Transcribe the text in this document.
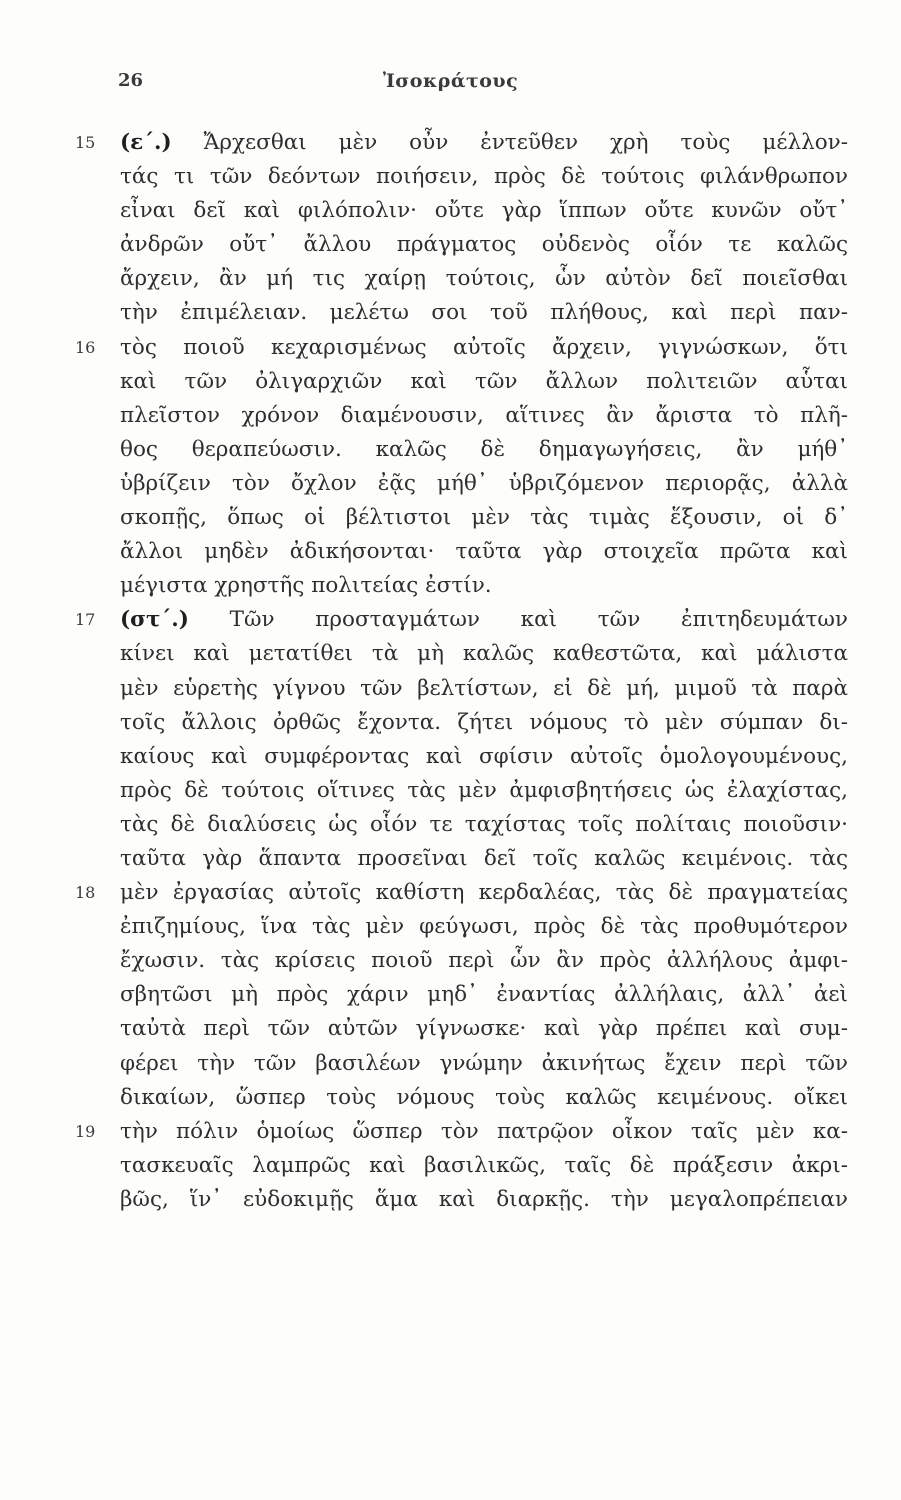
26	Ἰσοκράτους
15	(ε΄.) Ἄρχεσθαι μὲν οὖν ἐντεῦθεν χρὴ τοὺς μέλλον-
τάς τι τῶν δεόντων ποιήσειν, πρὸς δὲ τούτοις φιλάνθρωπον
εἶναι δεῖ καὶ φιλόπολιν· οὔτε γὰρ ἵππων οὔτε κυνῶν οὔτ᾽
ἀνδρῶν οὔτ᾽ ἄλλου πράγματος οὐδενὸς οἷόν τε καλῶς
ἄρχειν, ἂν μή τις χαίρῃ τούτοις, ὧν αὐτὸν δεῖ ποιεῖσθαι
τὴν ἐπιμέλειαν. μελέτω σοι τοῦ πλήθους, καὶ περὶ παν-
16	τὸς ποιοῦ κεχαρισμένως αὐτοῖς ἄρχειν, γιγνώσκων, ὅτι
καὶ τῶν ὀλιγαρχιῶν καὶ τῶν ἄλλων πολιτειῶν αὗται
πλεῖστον χρόνον διαμένουσιν, αἵτινες ἂν ἄριστα τὸ πλῆ-
θος θεραπεύωσιν. καλῶς δὲ δημαγωγήσεις, ἂν μήθ᾽
ὑβρίζειν τὸν ὄχλον ἐᾷς μήθ᾽ ὑβριζόμενον περιορᾷς, ἀλλὰ
σκοπῇς, ὅπως οἱ βέλτιστοι μὲν τὰς τιμὰς ἕξουσιν, οἱ δ᾽
ἄλλοι μηδὲν ἀδικήσονται· ταῦτα γὰρ στοιχεῖα πρῶτα καὶ
μέγιστα χρηστῆς πολιτείας ἐστίν.
17	(στ΄.) Τῶν προσταγμάτων καὶ τῶν ἐπιτηδευμάτων
κίνει καὶ μετατίθει τὰ μὴ καλῶς καθεστῶτα, καὶ μάλιστα
μὲν εὑρετὴς γίγνου τῶν βελτίστων, εἰ δὲ μή, μιμοῦ τὰ παρὰ
τοῖς ἄλλοις ὀρθῶς ἔχοντα. ζήτει νόμους τὸ μὲν σύμπαν δι-
καίους καὶ συμφέροντας καὶ σφίσιν αὐτοῖς ὁμολογουμένους,
πρὸς δὲ τούτοις οἵτινες τὰς μὲν ἀμφισβητήσεις ὡς ἐλαχίστας,
τὰς δὲ διαλύσεις ὡς οἷόν τε ταχίστας τοῖς πολίταις ποιοῦσιν·
ταῦτα γὰρ ἅπαντα προσεῖναι δεῖ τοῖς καλῶς κειμένοις. τὰς
18	μὲν ἐργασίας αὐτοῖς καθίστη κερδαλέας, τὰς δὲ πραγματείας
ἐπιζημίους, ἵνα τὰς μὲν φεύγωσι, πρὸς δὲ τὰς προθυμότερον
ἔχωσιν. τὰς κρίσεις ποιοῦ περὶ ὧν ἂν πρὸς ἀλλήλους ἀμφι-
σβητῶσι μὴ πρὸς χάριν μηδ᾽ ἐναντίας ἀλλήλαις, ἀλλ᾽ ἀεὶ
ταὐτὰ περὶ τῶν αὐτῶν γίγνωσκε· καὶ γὰρ πρέπει καὶ συμ-
φέρει τὴν τῶν βασιλέων γνώμην ἀκινήτως ἔχειν περὶ τῶν
δικαίων, ὥσπερ τοὺς νόμους τοὺς καλῶς κειμένους. οἴκει
19	τὴν πόλιν ὁμοίως ὥσπερ τὸν πατρῷον οἶκον ταῖς μὲν κα-
τασκευαῖς λαμπρῶς καὶ βασιλικῶς, ταῖς δὲ πράξεσιν ἀκρι-
βῶς, ἵν᾽ εὐδοκιμῇς ἅμα καὶ διαρκῇς. τὴν μεγαλοπρέπειαν
